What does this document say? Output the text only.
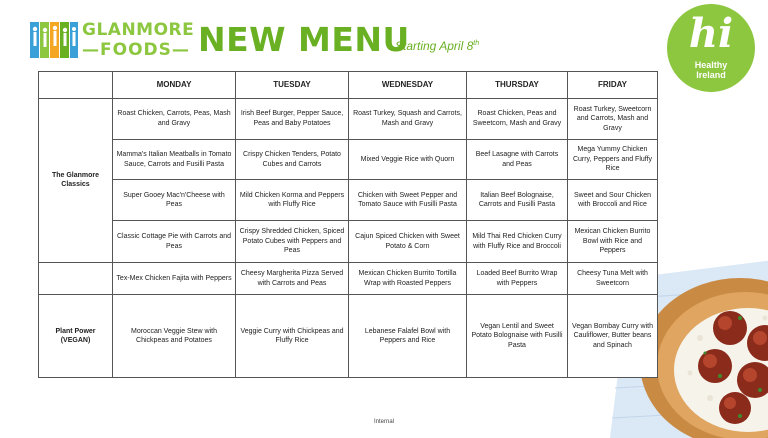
GLANMORE
—FOODS— NEW MENU
Starting April 8th	hi
Healthy
Ireland
	MONDAY	TUESDAY	WEDNESDAY	THURSDAY	FRIDAY
The Glanmore Classics	Roast Chicken, Carrots, Peas, Mash and Gravy	Irish Beef Burger, Pepper Sauce, Peas and Baby Potatoes	Roast Turkey, Squash and Carrots, Mash and Gravy	Roast Chicken, Peas and Sweetcorn, Mash and Gravy	Roast Turkey, Sweetcorn and Carrots, Mash and Gravy
	Mamma's Italian Meatballs in Tomato Sauce, Carrots and Fusilli Pasta	Crispy Chicken Tenders, Potato Cubes and Carrots	Mixed Veggie Rice with Quorn	Beef Lasagne with Carrots and Peas	Mega Yummy Chicken Curry, Peppers and Fluffy Rice
	Super Gooey Mac'n'Cheese with Peas	Mild Chicken Korma and Peppers with Fluffy Rice	Chicken with Sweet Pepper and Tomato Sauce with Fusilli Pasta	Italian Beef Bolognaise, Carrots and Fusilli Pasta	Sweet and Sour Chicken with Broccoli and Rice
	Classic Cottage Pie with Carrots and Peas	Crispy Shredded Chicken, Spiced Potato Cubes with Peppers and Peas	Cajun Spiced Chicken with Sweet Potato & Corn	Mild Thai Red Chicken Curry with Fluffy Rice and Broccoli	Mexican Chicken Burrito Bowl with Rice and Peppers
	Tex-Mex Chicken Fajita with Peppers	Cheesy Margherita Pizza Served with Carrots and Peas	Mexican Chicken Burrito Tortilla Wrap with Roasted Peppers	Loaded Beef Burrito Wrap with Peppers	Cheesy Tuna Melt with Sweetcorn
Plant Power (VEGAN)	Moroccan Veggie Stew with Chickpeas and Potatoes	Veggie Curry with Chickpeas and Fluffy Rice	Lebanese Falafel Bowl with Peppers and Rice	Vegan Lentil and Sweet Potato Bolognaise with Fusilli Pasta	Vegan Bombay Curry with Cauliflower, Butter beans and Spinach
Internal
